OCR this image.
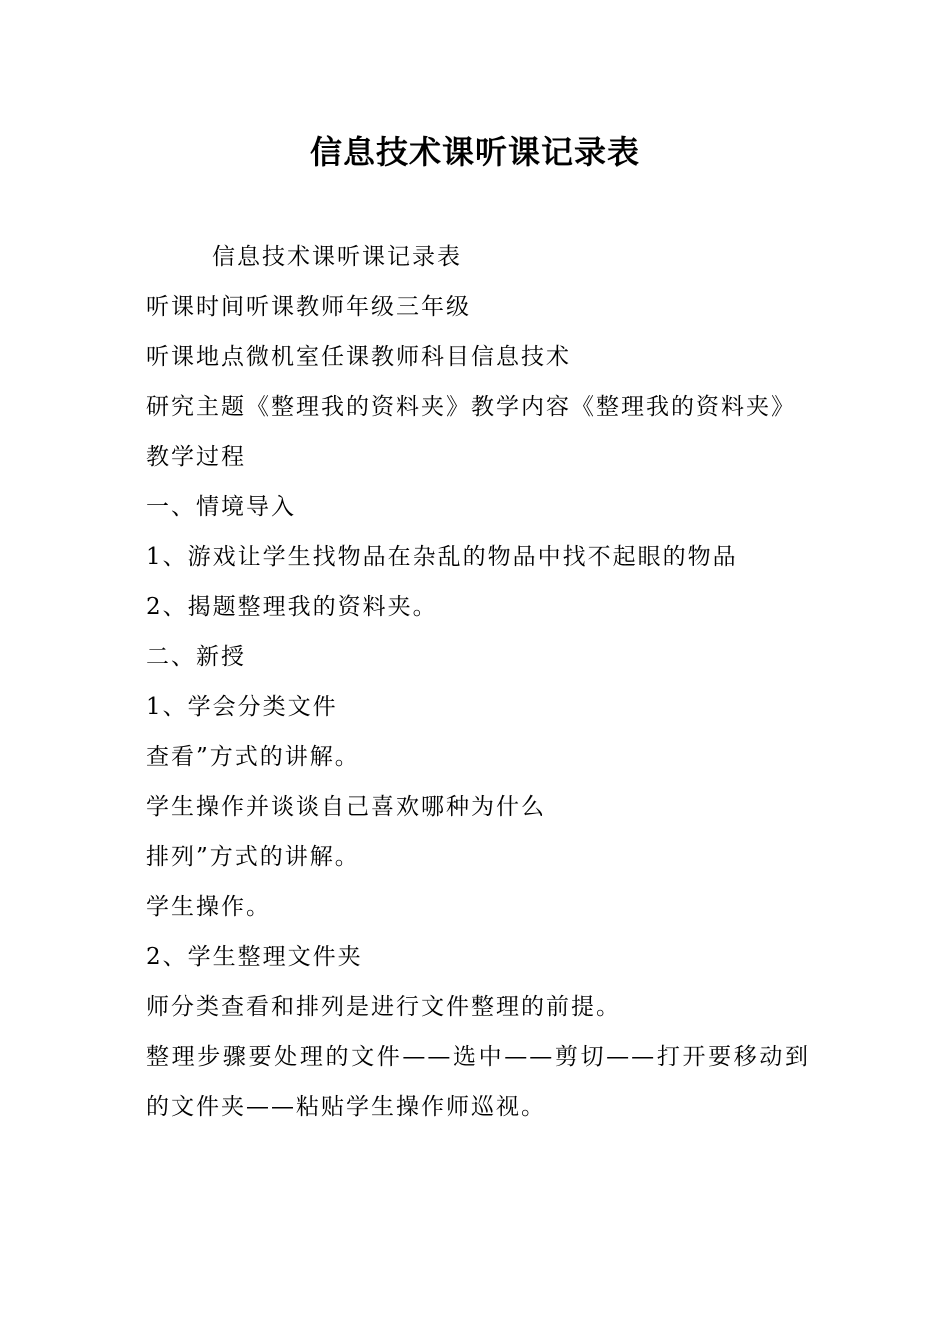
信息技术课听课记录表
信息技术课听课记录表
听课时间听课教师年级三年级
听课地点微机室任课教师科目信息技术
研究主题《整理我的资料夹》教学内容《整理我的资料夹》
教学过程
一、情境导入
1、游戏让学生找物品在杂乱的物品中找不起眼的物品
2、揭题整理我的资料夹。
二、新授
1、学会分类文件
查看”方式的讲解。
学生操作并谈谈自己喜欢哪种为什么
排列”方式的讲解。
学生操作。
2、学生整理文件夹
师分类查看和排列是进行文件整理的前提。
整理步骤要处理的文件——选中——剪切——打开要移动到的文件夹——粘贴学生操作师巡视。
